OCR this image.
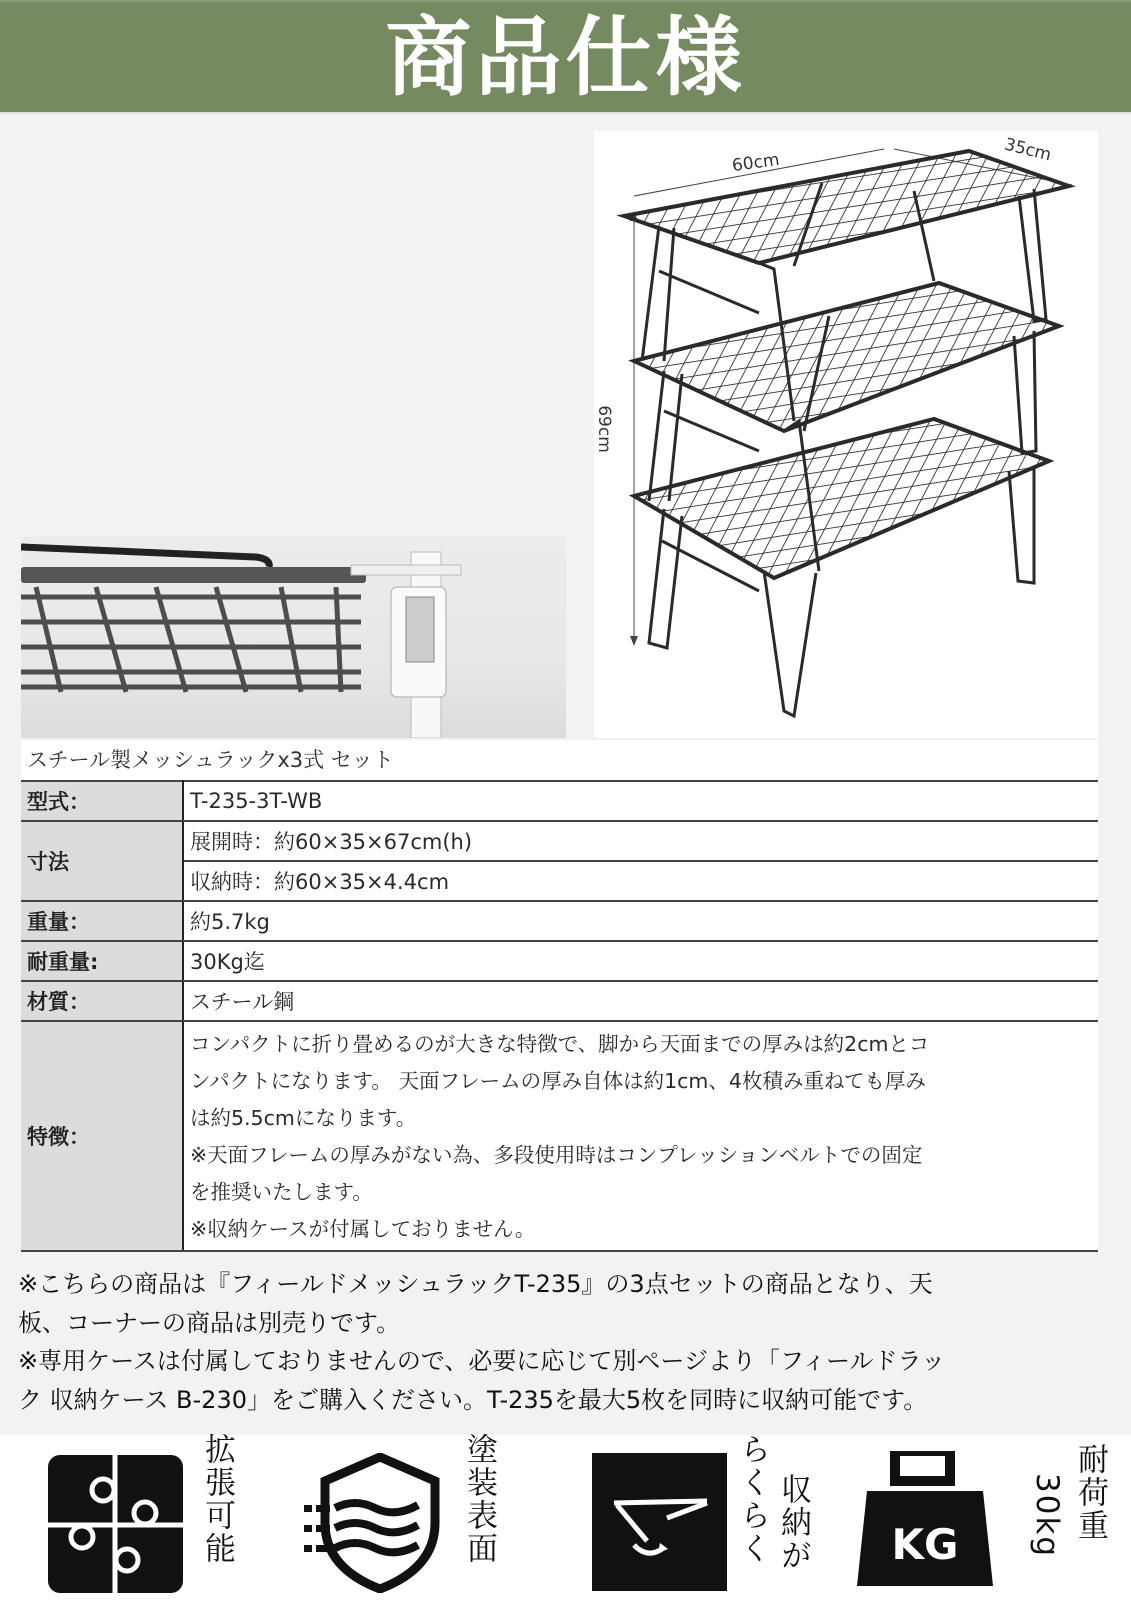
商品仕様
60cm	35cm
69cm
スチール製メッシュラックx3式 セット
型式：	T-235-3T-WB
寸法	展開時：約60×35×67cm(h)
	収納時：約60×35×4.4cm
重量：	約5.7kg
耐重量:	30Kg迄
材質：	スチール鋼
特徴：	
コンパクトに折り畳めるのが大きな特徴で、脚から天面までの厚みは約2cmとコ
ンパクトになります。 天面フレームの厚み自体は約1cm、4枚積み重ねても厚み
は約5.5cmになります。
※天面フレームの厚みがない為、多段使用時はコンプレッションベルトでの固定
を推奨いたします。
※収納ケースが付属しておりません。
※こちらの商品は『フィールドメッシュラックT-235』の3点セットの商品となり、天
板、コーナーの商品は別売りです。
※専用ケースは付属しておりませんので、必要に応じて別ページより「フィールドラッ
ク 収納ケース B-230」をご購入ください。T-235を最大5枚を同時に収納可能です。
拡張可能	塗装表面	らくらく 収納が KG 30kg 耐荷重
